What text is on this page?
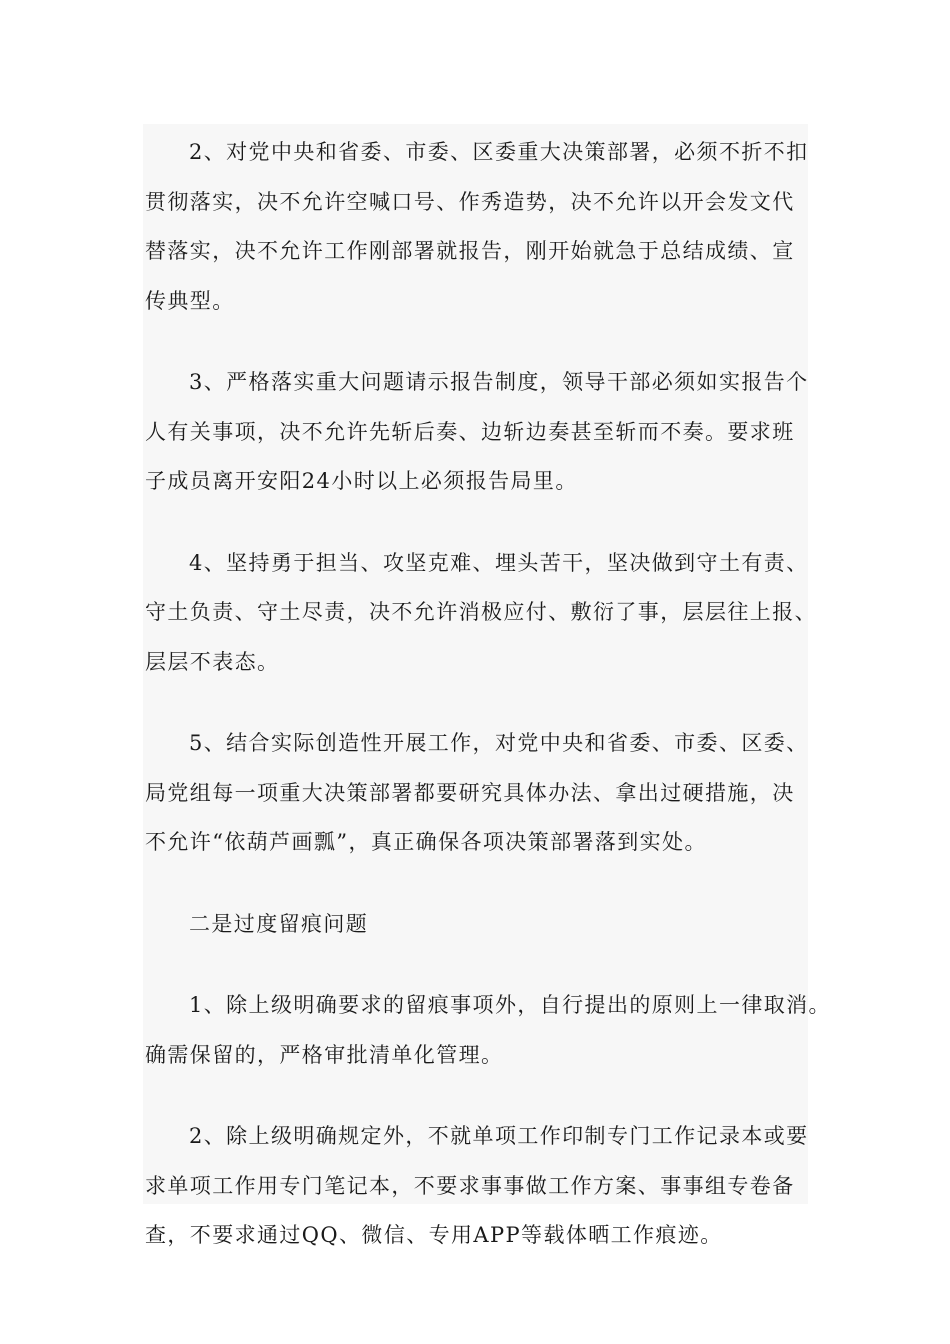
2、对党中央和省委、市委、区委重大决策部署，必须不折不扣
贯彻落实，决不允许空喊口号、作秀造势，决不允许以开会发文代
替落实，决不允许工作刚部署就报告，刚开始就急于总结成绩、宣
传典型。
3、严格落实重大问题请示报告制度，领导干部必须如实报告个
人有关事项，决不允许先斩后奏、边斩边奏甚至斩而不奏。要求班
子成员离开安阳24小时以上必须报告局里。
4、坚持勇于担当、攻坚克难、埋头苦干，坚决做到守土有责、
守土负责、守土尽责，决不允许消极应付、敷衍了事，层层往上报、
层层不表态。
5、结合实际创造性开展工作，对党中央和省委、市委、区委、
局党组每一项重大决策部署都要研究具体办法、拿出过硬措施，决
不允许“依葫芦画瓢”，真正确保各项决策部署落到实处。
二是过度留痕问题
1、除上级明确要求的留痕事项外，自行提出的原则上一律取消。
确需保留的，严格审批清单化管理。
2、除上级明确规定外，不就单项工作印制专门工作记录本或要
求单项工作用专门笔记本，不要求事事做工作方案、事事组专卷备
查，不要求通过QQ、微信、专用APP等载体晒工作痕迹。
